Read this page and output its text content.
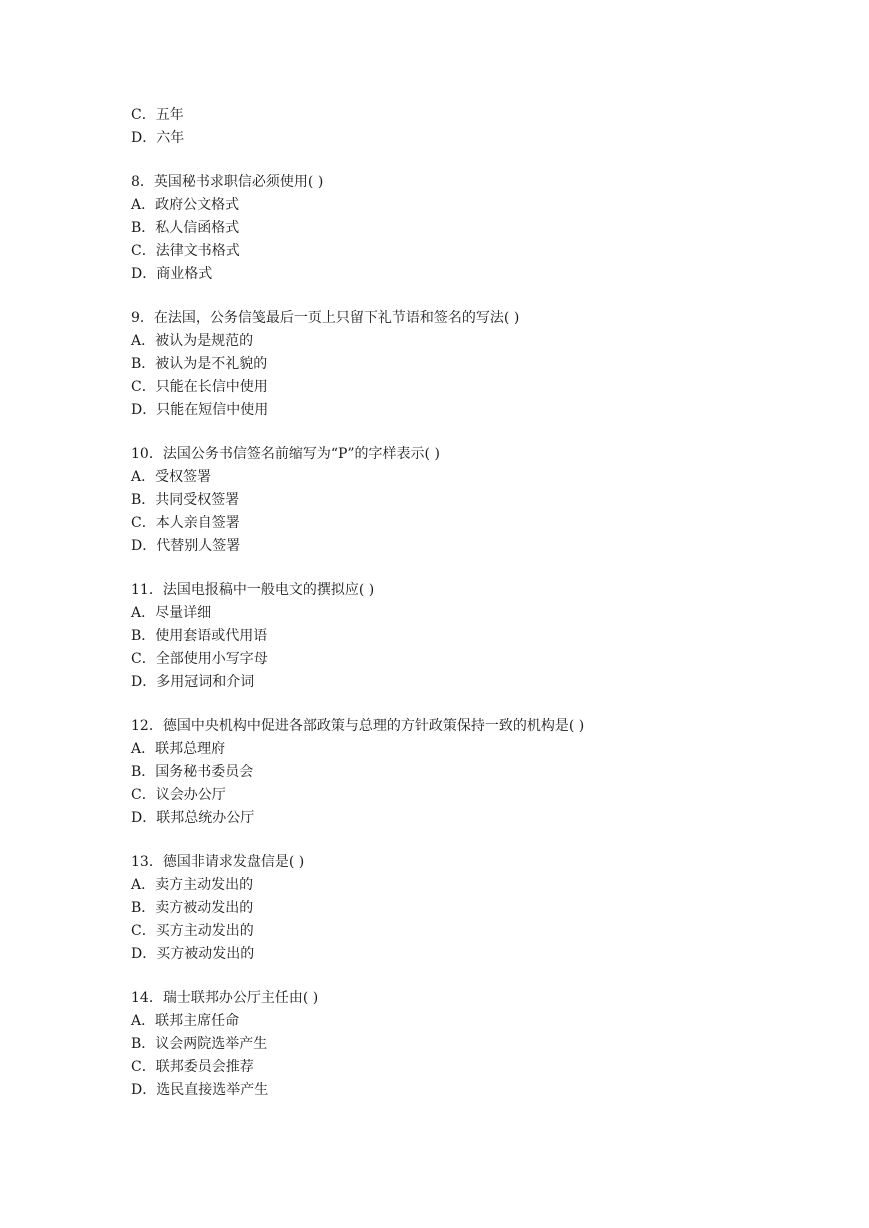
C．五年
D．六年
8．英国秘书求职信必须使用( )
A．政府公文格式
B．私人信函格式
C．法律文书格式
D．商业格式
9．在法国，公务信笺最后一页上只留下礼节语和签名的写法( )
A．被认为是规范的
B．被认为是不礼貌的
C．只能在长信中使用
D．只能在短信中使用
10．法国公务书信签名前缩写为“P”的字样表示( )
A．受权签署
B．共同受权签署
C．本人亲自签署
D．代替别人签署
11．法国电报稿中一般电文的撰拟应( )
A．尽量详细
B．使用套语或代用语
C．全部使用小写字母
D．多用冠词和介词
12．德国中央机构中促进各部政策与总理的方针政策保持一致的机构是( )
A．联邦总理府
B．国务秘书委员会
C．议会办公厅
D．联邦总统办公厅
13．德国非请求发盘信是( )
A．卖方主动发出的
B．卖方被动发出的
C．买方主动发出的
D．买方被动发出的
14．瑞士联邦办公厅主任由( )
A．联邦主席任命
B．议会两院选举产生
C．联邦委员会推荐
D．选民直接选举产生
